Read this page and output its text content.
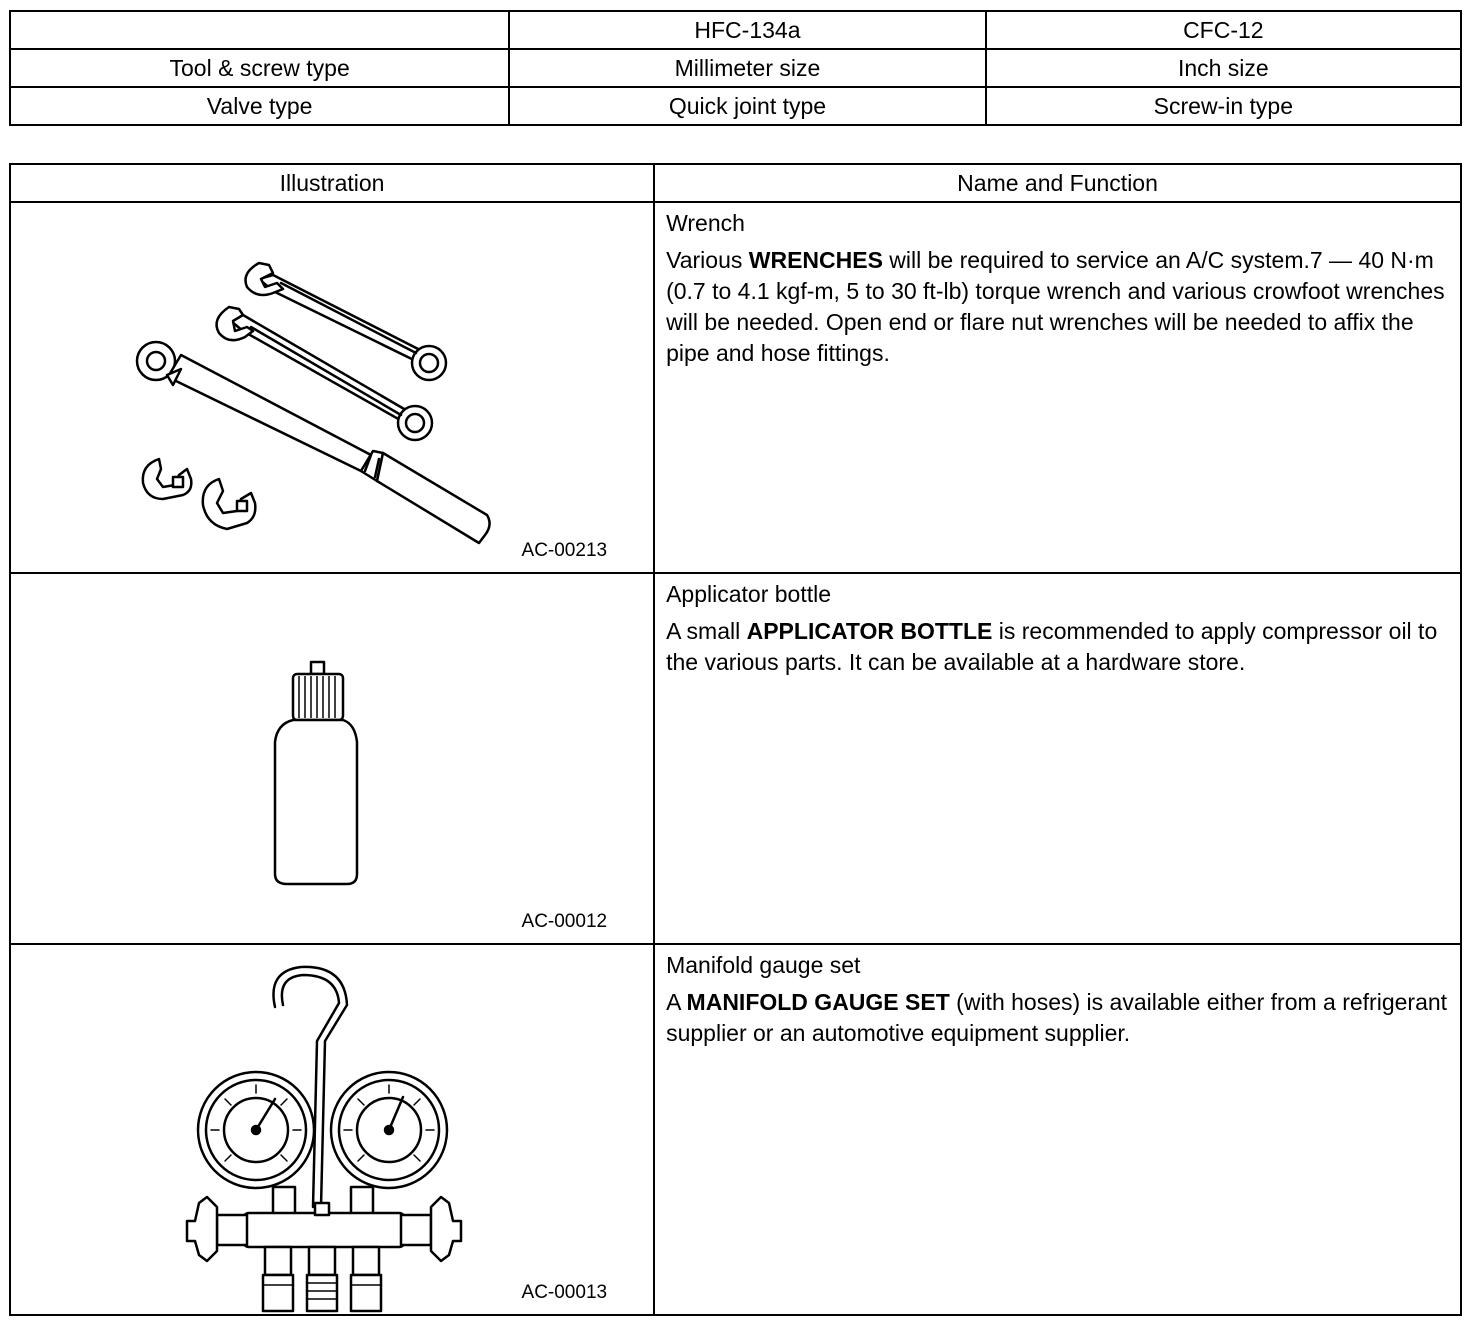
	HFC-134a	CFC-12
Tool & screw type	Millimeter size	Inch size
Valve type	Quick joint type	Screw-in type
Illustration	Name and Function

AC-00213	Wrench
Various WRENCHES will be required to service an A/C system.7 — 40 N·m (0.7 to 4.1 kgf-m, 5 to 30 ft-lb) torque wrench and various crowfoot wrenches will be needed. Open end or flare nut wrenches will be needed to affix the pipe and hose fittings.

AC-00012	Applicator bottle
A small APPLICATOR BOTTLE is recommended to apply compressor oil to the various parts. It can be available at a hardware store.

AC-00013	Manifold gauge set
A MANIFOLD GAUGE SET (with hoses) is available either from a refrigerant supplier or an automotive equipment supplier.
